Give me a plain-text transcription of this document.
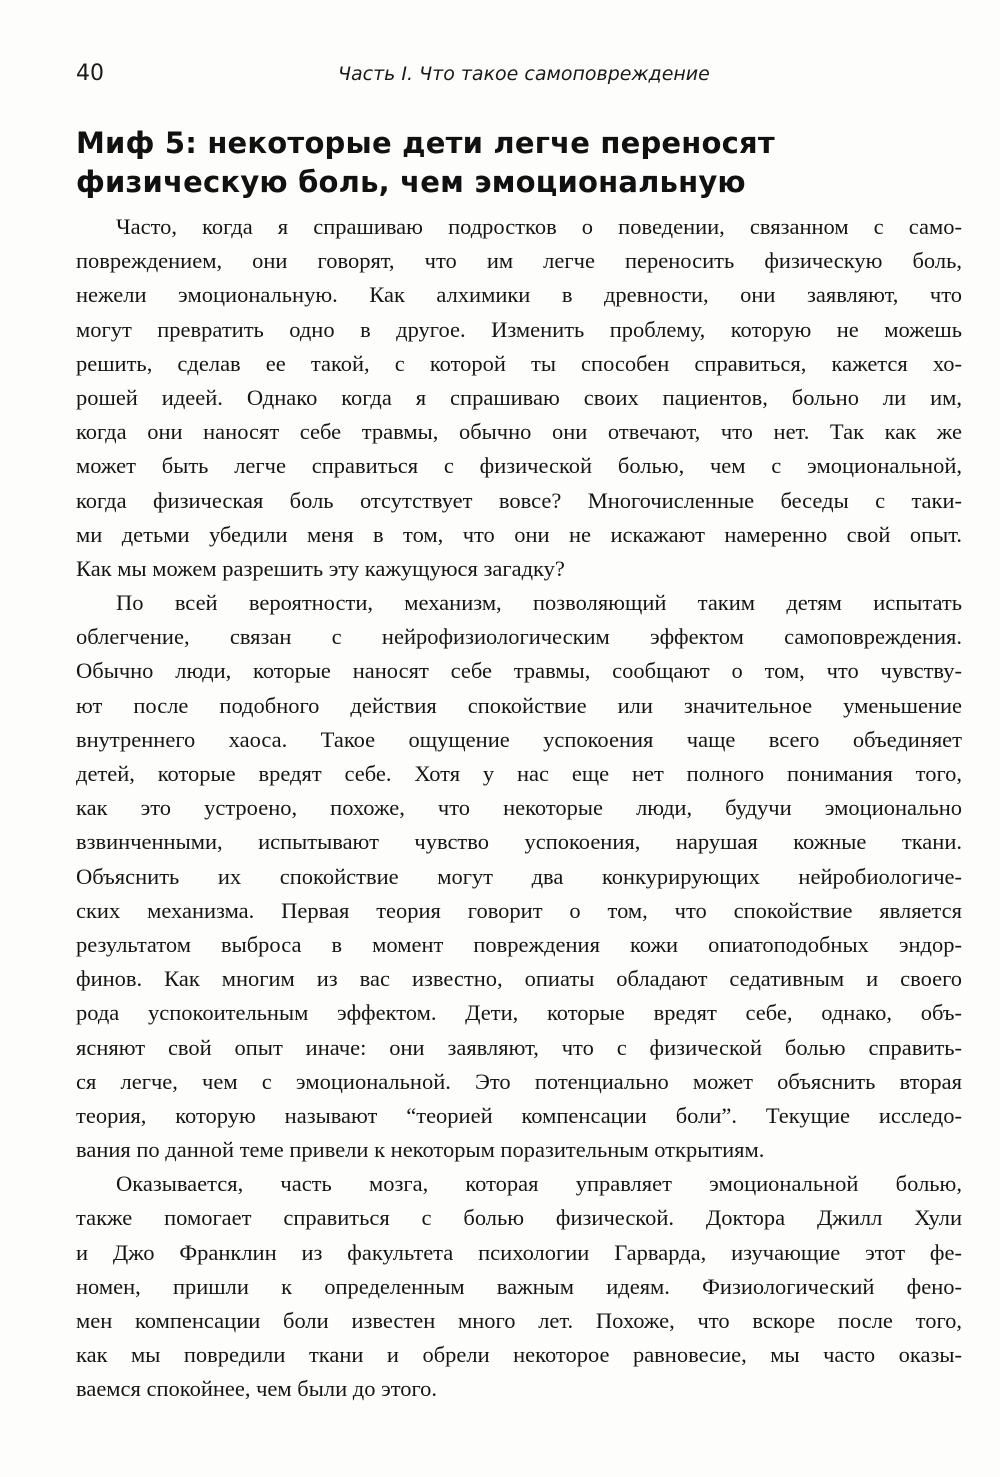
40	Часть I. Что такое самоповреждение
Миф 5: некоторые дети легче переносят
физическую боль, чем эмоциональную
Часто, когда я спрашиваю подростков о поведении, связанном с само-
повреждением, они говорят, что им легче переносить физическую боль,
нежели эмоциональную. Как алхимики в древности, они заявляют, что
могут превратить одно в другое. Изменить проблему, которую не можешь
решить, сделав ее такой, с которой ты способен справиться, кажется хо-
рошей идеей. Однако когда я спрашиваю своих пациентов, больно ли им,
когда они наносят себе травмы, обычно они отвечают, что нет. Так как же
может быть легче справиться с физической болью, чем с эмоциональной,
когда физическая боль отсутствует вовсе? Многочисленные беседы с таки-
ми детьми убедили меня в том, что они не искажают намеренно свой опыт.
Как мы можем разрешить эту кажущуюся загадку?
По всей вероятности, механизм, позволяющий таким детям испытать
облегчение, связан с нейрофизиологическим эффектом самоповреждения.
Обычно люди, которые наносят себе травмы, сообщают о том, что чувству-
ют после подобного действия спокойствие или значительное уменьшение
внутреннего хаоса. Такое ощущение успокоения чаще всего объединяет
детей, которые вредят себе. Хотя у нас еще нет полного понимания того,
как это устроено, похоже, что некоторые люди, будучи эмоционально
взвинченными, испытывают чувство успокоения, нарушая кожные ткани.
Объяснить их спокойствие могут два конкурирующих нейробиологиче-
ских механизма. Первая теория говорит о том, что спокойствие является
результатом выброса в момент повреждения кожи опиатоподобных эндор-
финов. Как многим из вас известно, опиаты обладают седативным и своего
рода успокоительным эффектом. Дети, которые вредят себе, однако, объ-
ясняют свой опыт иначе: они заявляют, что с физической болью справить-
ся легче, чем с эмоциональной. Это потенциально может объяснить вторая
теория, которую называют “теорией компенсации боли”. Текущие исследо-
вания по данной теме привели к некоторым поразительным открытиям.
Оказывается, часть мозга, которая управляет эмоциональной болью,
также помогает справиться с болью физической. Доктора Джилл Хули
и Джо Франклин из факультета психологии Гарварда, изучающие этот фе-
номен, пришли к определенным важным идеям. Физиологический фено-
мен компенсации боли известен много лет. Похоже, что вскоре после того,
как мы повредили ткани и обрели некоторое равновесие, мы часто оказы-
ваемся спокойнее, чем были до этого.
